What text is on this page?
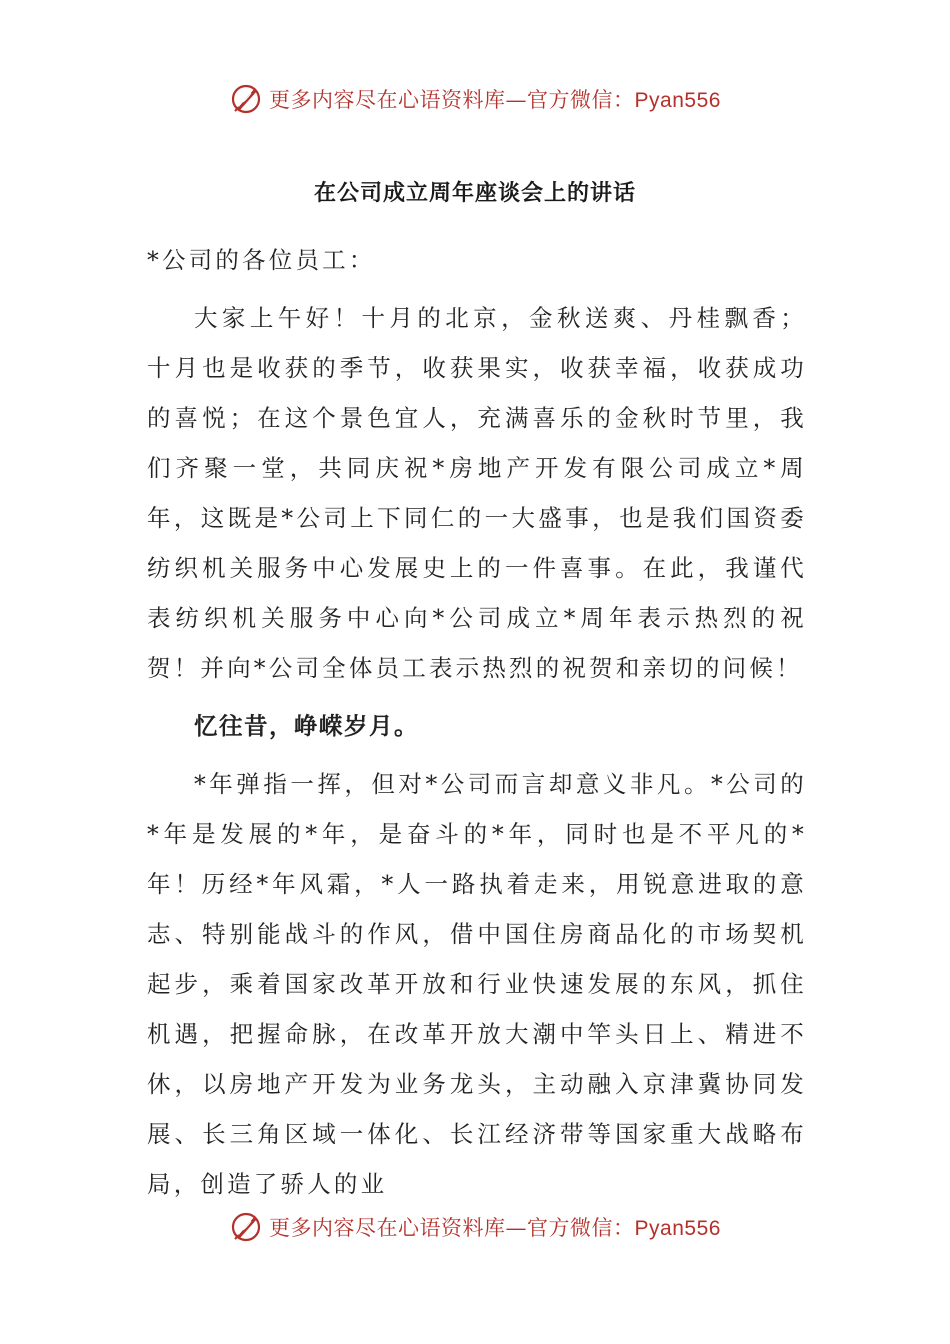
更多内容尽在心语资料库—官方微信：Pyan556
在公司成立周年座谈会上的讲话

*公司的各位员工：

大家上午好！十月的北京，金秋送爽、丹桂飘香；十月也是收获的季节，收获果实，收获幸福，收获成功的喜悦；在这个景色宜人，充满喜乐的金秋时节里，我们齐聚一堂，共同庆祝*房地产开发有限公司成立*周年，这既是*公司上下同仁的一大盛事，也是我们国资委纺织机关服务中心发展史上的一件喜事。在此，我谨代表纺织机关服务中心向*公司成立*周年表示热烈的祝贺！并向*公司全体员工表示热烈的祝贺和亲切的问候！

忆往昔，峥嵘岁月。

*年弹指一挥，但对*公司而言却意义非凡。*公司的*年是发展的*年，是奋斗的*年，同时也是不平凡的*年！历经*年风霜，*人一路执着走来，用锐意进取的意志、特别能战斗的作风，借中国住房商品化的市场契机起步，乘着国家改革开放和行业快速发展的东风，抓住机遇，把握命脉，在改革开放大潮中竿头日上、精进不休，以房地产开发为业务龙头，主动融入京津冀协同发展、长三角区域一体化、长江经济带等国家重大战略布局，创造了骄人的业

更多内容尽在心语资料库—官方微信：Pyan556
